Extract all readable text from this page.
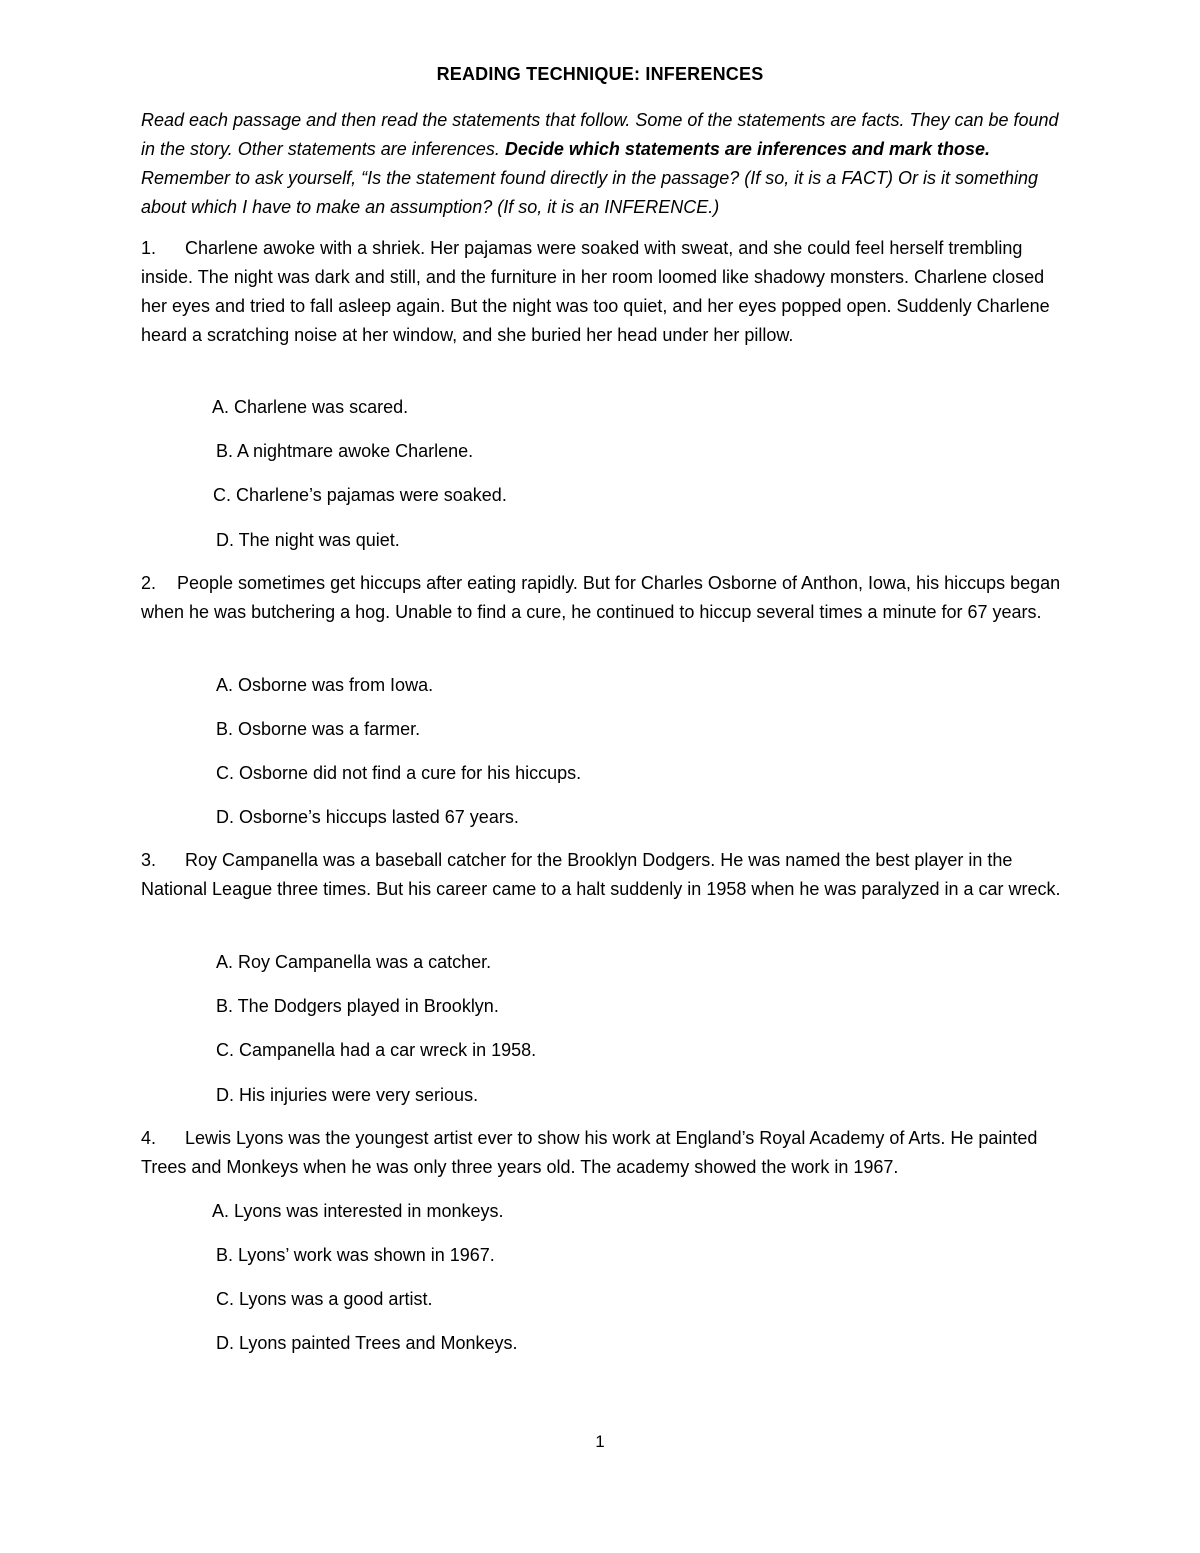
READING TECHNIQUE: INFERENCES
Read each passage and then read the statements that follow. Some of the statements are facts. They can be found in the story. Other statements are inferences. Decide which statements are inferences and mark those. Remember to ask yourself, “Is the statement found directly in the passage? (If so, it is a FACT) Or is it something about which I have to make an assumption? (If so, it is an INFERENCE.)
1. Charlene awoke with a shriek. Her pajamas were soaked with sweat, and she could feel herself trembling inside. The night was dark and still, and the furniture in her room loomed like shadowy monsters. Charlene closed her eyes and tried to fall asleep again. But the night was too quiet, and her eyes popped open. Suddenly Charlene heard a scratching noise at her window, and she buried her head under her pillow.
A. Charlene was scared.
B. A nightmare awoke Charlene.
C. Charlene’s pajamas were soaked.
D. The night was quiet.
2. People sometimes get hiccups after eating rapidly. But for Charles Osborne of Anthon, Iowa, his hiccups began when he was butchering a hog. Unable to find a cure, he continued to hiccup several times a minute for 67 years.
A. Osborne was from Iowa.
B. Osborne was a farmer.
C. Osborne did not find a cure for his hiccups.
D. Osborne’s hiccups lasted 67 years.
3. Roy Campanella was a baseball catcher for the Brooklyn Dodgers. He was named the best player in the National League three times. But his career came to a halt suddenly in 1958 when he was paralyzed in a car wreck.
A. Roy Campanella was a catcher.
B. The Dodgers played in Brooklyn.
C. Campanella had a car wreck in 1958.
D. His injuries were very serious.
4. Lewis Lyons was the youngest artist ever to show his work at England’s Royal Academy of Arts. He painted Trees and Monkeys when he was only three years old. The academy showed the work in 1967.
A. Lyons was interested in monkeys.
B. Lyons’ work was shown in 1967.
C. Lyons was a good artist.
D. Lyons painted Trees and Monkeys.
1
